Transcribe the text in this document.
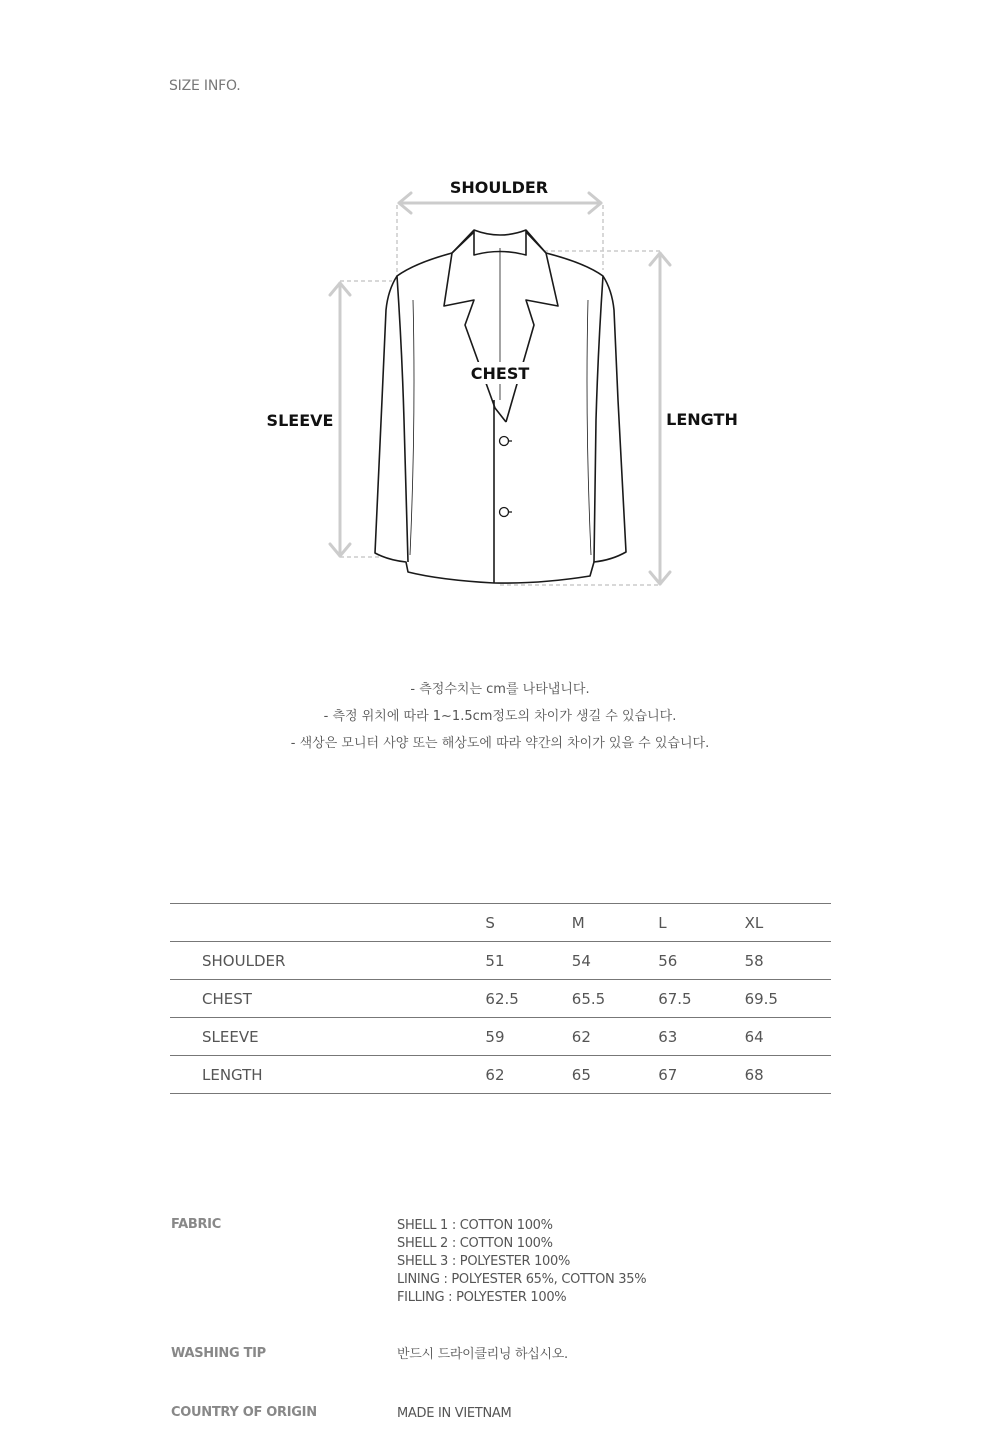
SIZE INFO.
SHOULDER
CHEST
SLEEVE	LENGTH
- 측정수치는 cm를 나타냅니다.
- 측정 위치에 따라 1~1.5cm정도의 차이가 생길 수 있습니다.
- 색상은 모니터 사양 또는 해상도에 따라 약간의 차이가 있을 수 있습니다.
	S	M	L	XL
SHOULDER	51	54	56	58
CHEST	62.5	65.5	67.5	69.5
SLEEVE	59	62	63	64
LENGTH	62	65	67	68
FABRIC	SHELL 1 : COTTON 100%
SHELL 2 : COTTON 100%
SHELL 3 : POLYESTER 100%
LINING : POLYESTER 65%, COTTON 35%
FILLING : POLYESTER 100%
WASHING TIP	반드시 드라이클리닝 하십시오.
COUNTRY OF ORIGIN	MADE IN VIETNAM
